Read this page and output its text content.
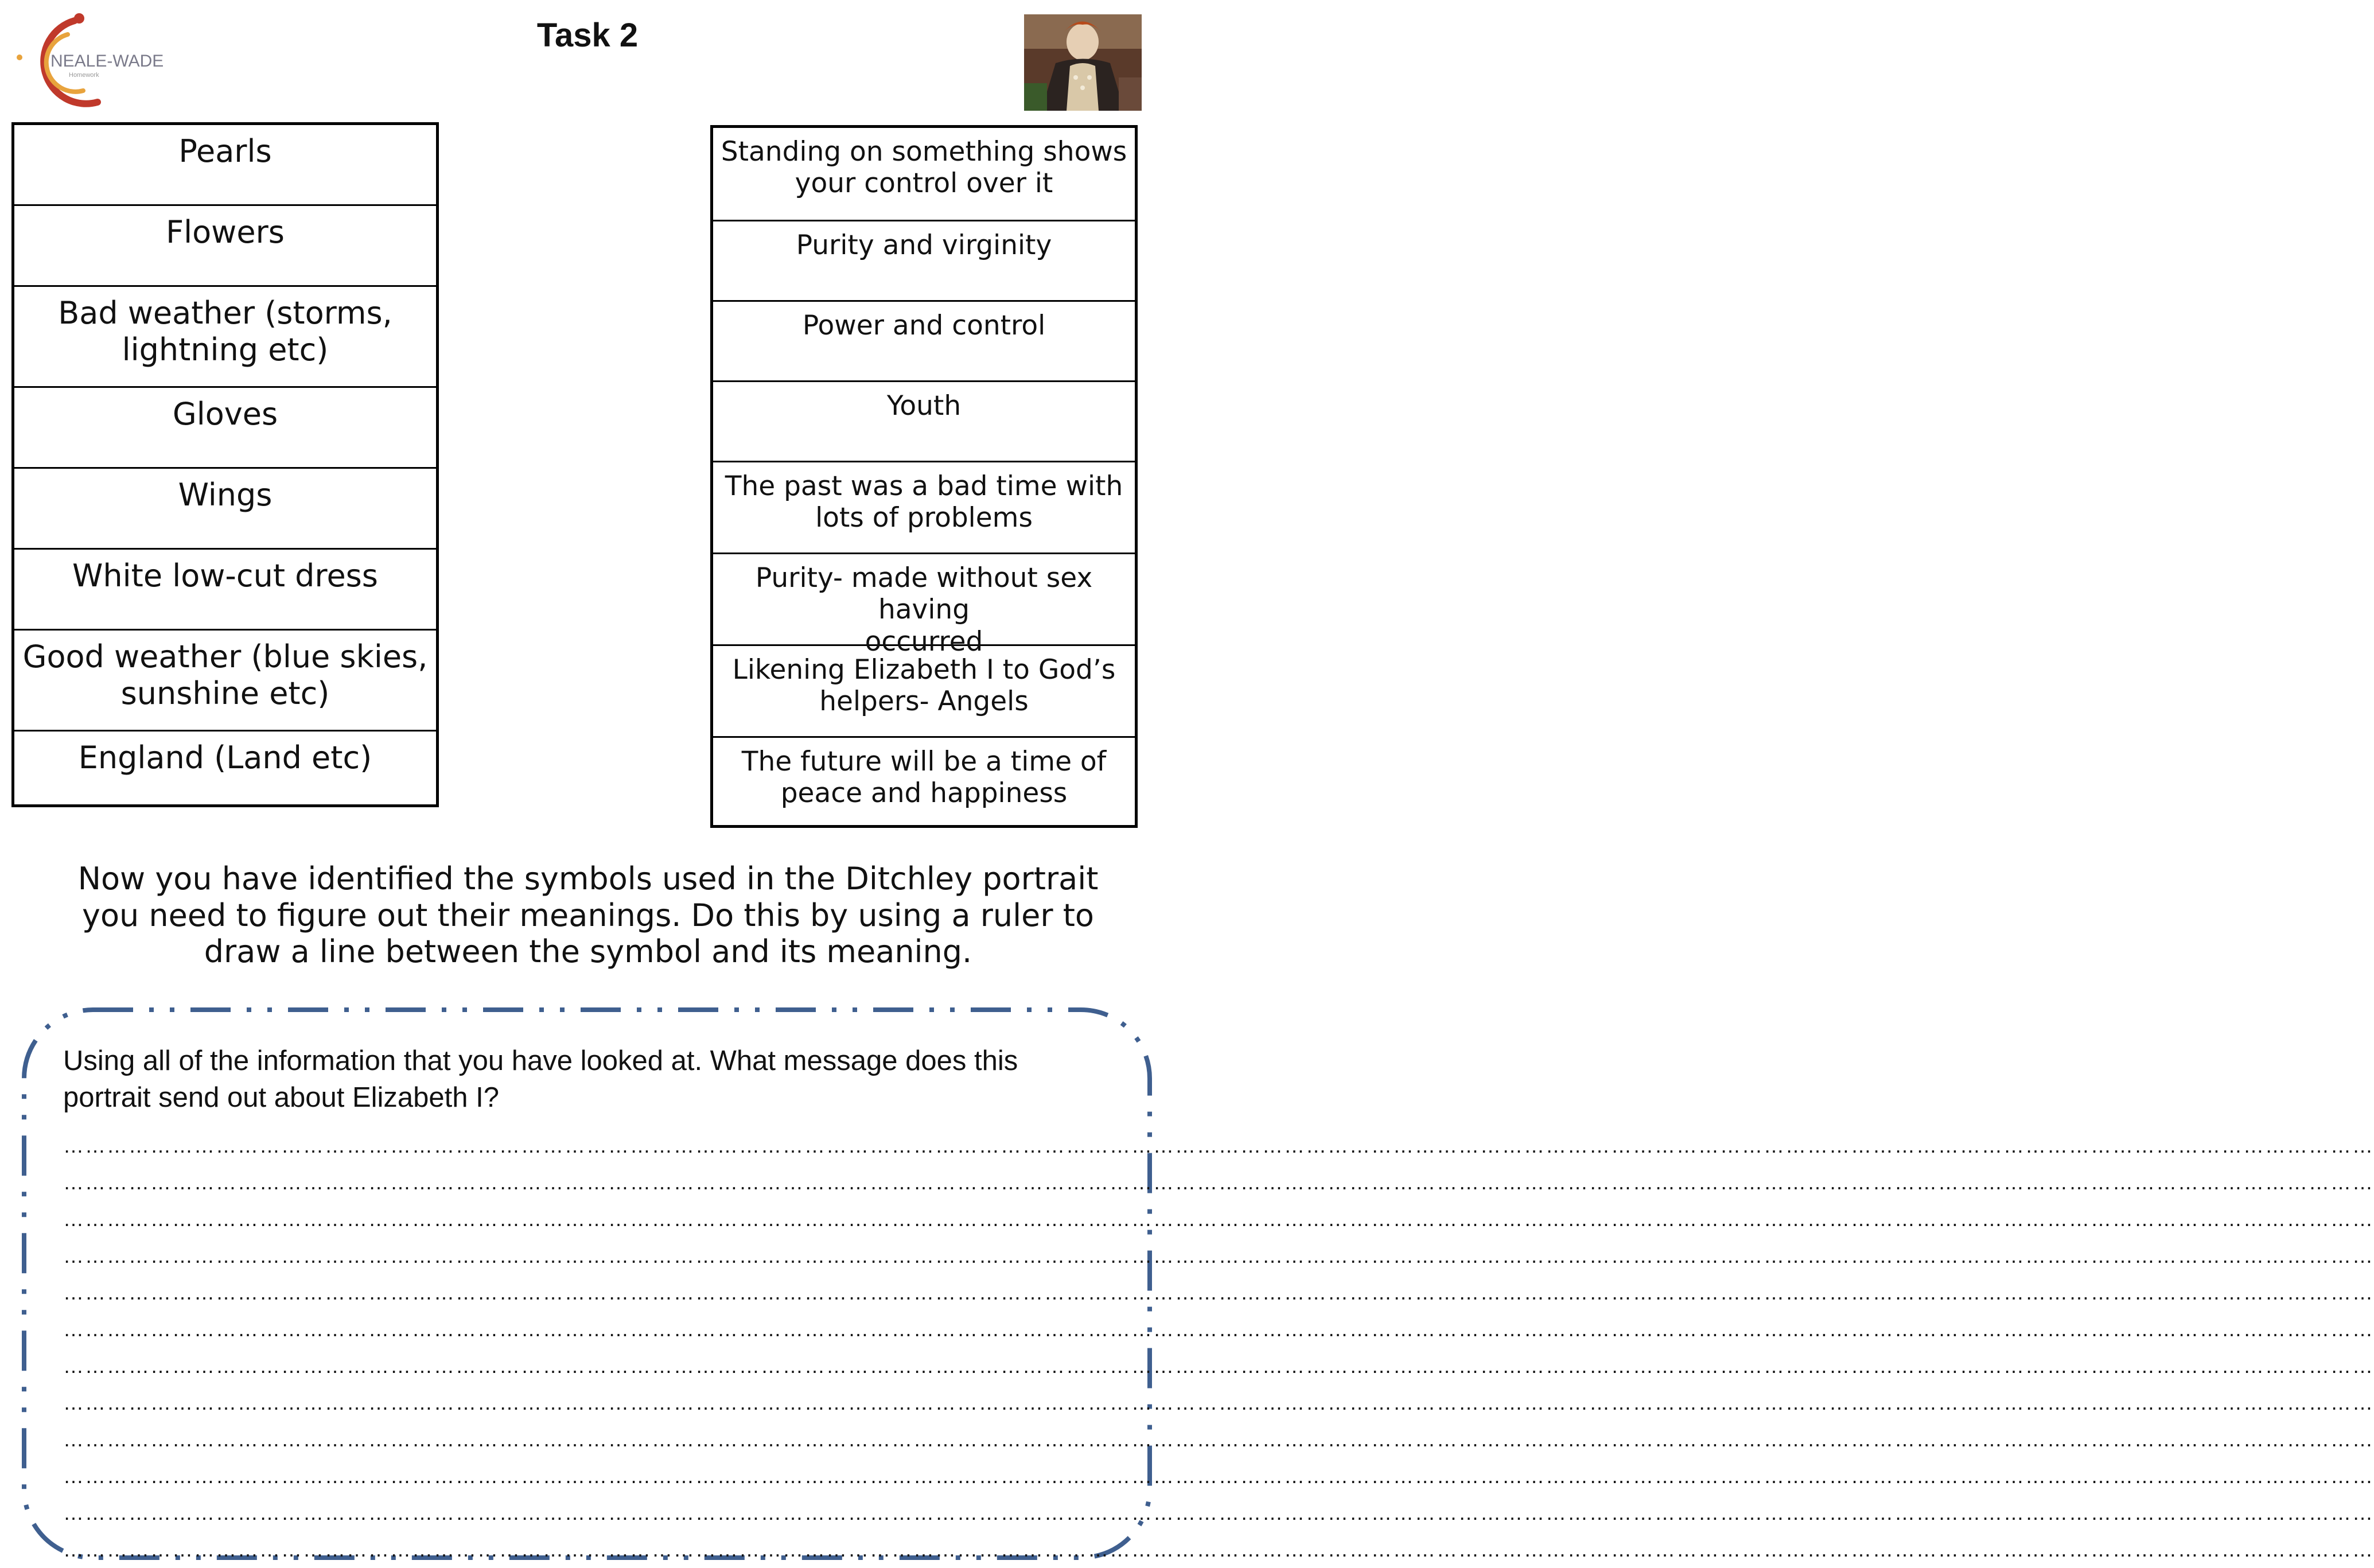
Task 2
NEALE-WADE
Homework
Pearls
Flowers
Bad weather (storms,
lightning etc)
Gloves
Wings
White low-cut dress
Good weather (blue skies,
sunshine etc)
England (Land etc)
Standing on something shows
your control over it
Purity and virginity
Power and control
Youth
The past was a bad time with
lots of problems
Purity- made without sex having
occurred
Likening Elizabeth I to God’s
helpers- Angels
The future will be a time of
peace and happiness
Now you have identified the symbols used in the Ditchley portrait you need to figure out their meanings. Do this by using a ruler to draw a line between the symbol and its meaning.
Using all of the information that you have looked at. What message does this portrait send out about Elizabeth I?
…………………………………………………………………………………………………………………………………………………………………………………………………………………………………………………………………………………………
…………………………………………………………………………………………………………………………………………………………………………………………………………………………………………………………………………………………
…………………………………………………………………………………………………………………………………………………………………………………………………………………………………………………………………………………………
…………………………………………………………………………………………………………………………………………………………………………………………………………………………………………………………………………………………
…………………………………………………………………………………………………………………………………………………………………………………………………………………………………………………………………………………………
…………………………………………………………………………………………………………………………………………………………………………………………………………………………………………………………………………………………
…………………………………………………………………………………………………………………………………………………………………………………………………………………………………………………………………………………………
…………………………………………………………………………………………………………………………………………………………………………………………………………………………………………………………………………………………
…………………………………………………………………………………………………………………………………………………………………………………………………………………………………………………………………………………………
…………………………………………………………………………………………………………………………………………………………………………………………………………………………………………………………………………………………
…………………………………………………………………………………………………………………………………………………………………………………………………………………………………………………………………………………………
…………………………………………………………………………………………………………………………………………………………………………………………………………………………………………………………………………………………
